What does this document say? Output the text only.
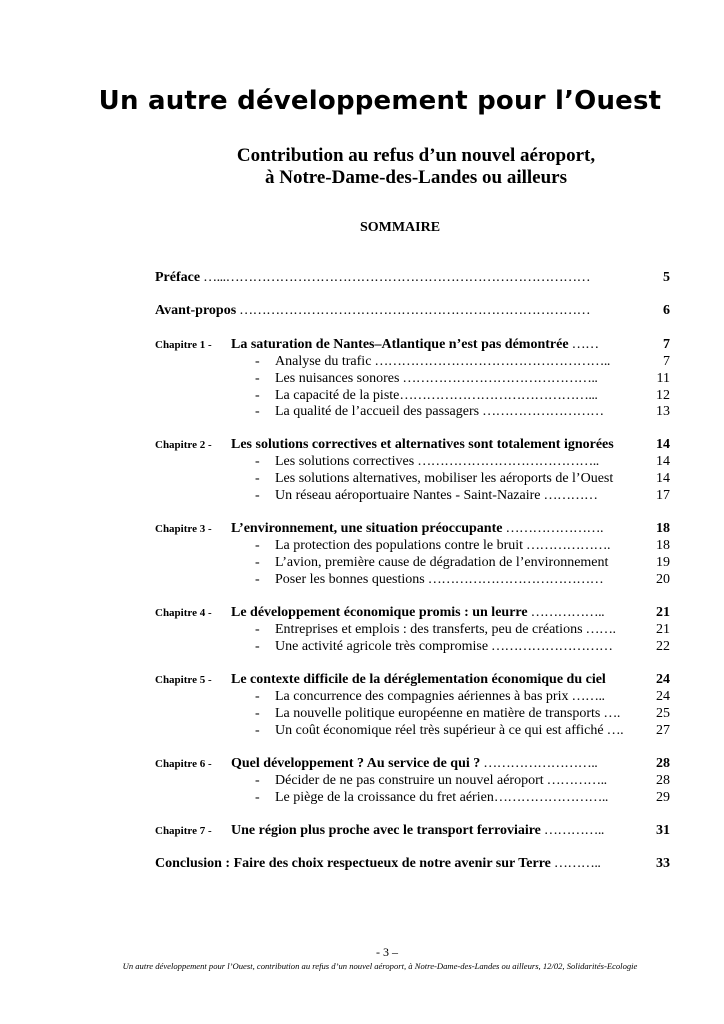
Un autre développement pour l’Ouest
Contribution au refus d’un nouvel aéroport,
à Notre-Dame-des-Landes ou ailleurs
SOMMAIRE
Préface …...………………………………………………………………………	5
Avant-propos ……………………………………………………………………	6
Chapitre 1 - La saturation de Nantes–Atlantique n’est pas démontrée ……	7
- Analyse du trafic ……………………………………………..	7
- Les nuisances sonores ……………………………………..	11
- La capacité de la piste……………………………………...	12
- La qualité de l’accueil des passagers ………………………	13
Chapitre 2 - Les solutions correctives et alternatives sont totalement ignorées	14
- Les solutions correctives …………………………………..	14
- Les solutions alternatives, mobiliser les aéroports de l’Ouest	14
- Un réseau aéroportuaire Nantes - Saint-Nazaire …………	17
Chapitre 3 - L’environnement, une situation préoccupante ………………….	18
- La protection des populations contre le bruit ……………….	18
- L’avion, première cause de dégradation de l’environnement	19
- Poser les bonnes questions …………………………………	20
Chapitre 4 - Le développement économique promis : un leurre ……………..	21
- Entreprises et emplois : des transferts, peu de créations …….	21
- Une activité agricole très compromise ………………………	22
Chapitre 5 - Le contexte difficile de la déréglementation économique du ciel	24
- La concurrence des compagnies aériennes à bas prix ……..	24
- La nouvelle politique européenne en matière de transports ….	25
- Un coût économique réel très supérieur à ce qui est affiché …. 27
Chapitre 6 - Quel développement ? Au service de qui ? ……………………..	28
- Décider de ne pas construire un nouvel aéroport …………..	28
- Le piège de la croissance du fret aérien……………………..	29
Chapitre 7 - Une région plus proche avec le transport ferroviaire …………..	31
Conclusion : Faire des choix respectueux de notre avenir sur Terre ………..	33
- 3 –
Un autre développement pour l’Ouest, contribution au refus d’un nouvel aéroport, à Notre-Dame-des-Landes ou ailleurs, 12/02, Solidarités-Ecologie
